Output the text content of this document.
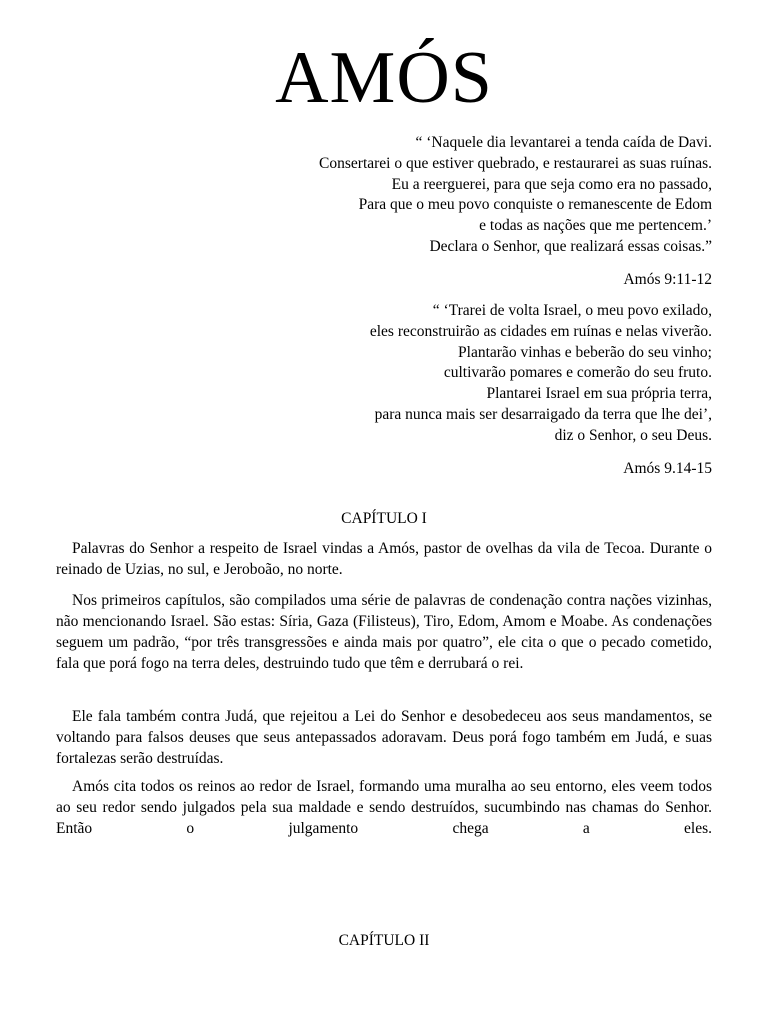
AMÓS
“ ‘Naquele dia levantarei a tenda caída de Davi.
Consertarei o que estiver quebrado, e restaurarei as suas ruínas.
Eu a reerguerei, para que seja como era no passado,
Para que o meu povo conquiste o remanescente de Edom
e todas as nações que me pertencem.’
Declara o Senhor, que realizará essas coisas.”
Amós 9:11-12
“ ‘Trarei de volta Israel, o meu povo exilado,
eles reconstruirão as cidades em ruínas e nelas viverão.
Plantarão vinhas e beberão do seu vinho;
cultivarão pomares e comerão do seu fruto.
Plantarei Israel em sua própria terra,
para nunca mais ser desarraigado da terra que lhe dei’,
diz o Senhor, o seu Deus.
Amós 9.14-15
CAPÍTULO I

Palavras do Senhor a respeito de Israel vindas a Amós, pastor de ovelhas da vila de Tecoa. Durante o reinado de Uzias, no sul, e Jeroboão, no norte.

Nos primeiros capítulos, são compilados uma série de palavras de condenação contra nações vizinhas, não mencionando Israel. São estas: Síria, Gaza (Filisteus), Tiro, Edom, Amom e Moabe. As condenações seguem um padrão, “por três transgressões e ainda mais por quatro”, ele cita o que o pecado cometido, fala que porá fogo na terra deles, destruindo tudo que têm e derrubará o rei.

Ele fala também contra Judá, que rejeitou a Lei do Senhor e desobedeceu aos seus mandamentos, se voltando para falsos deuses que seus antepassados adoravam. Deus porá fogo também em Judá, e suas fortalezas serão destruídas.

Amós cita todos os reinos ao redor de Israel, formando uma muralha ao seu entorno, eles veem todos ao seu redor sendo julgados pela sua maldade e sendo destruídos, sucumbindo nas chamas do Senhor. Então o julgamento chega a eles.

CAPÍTULO II
